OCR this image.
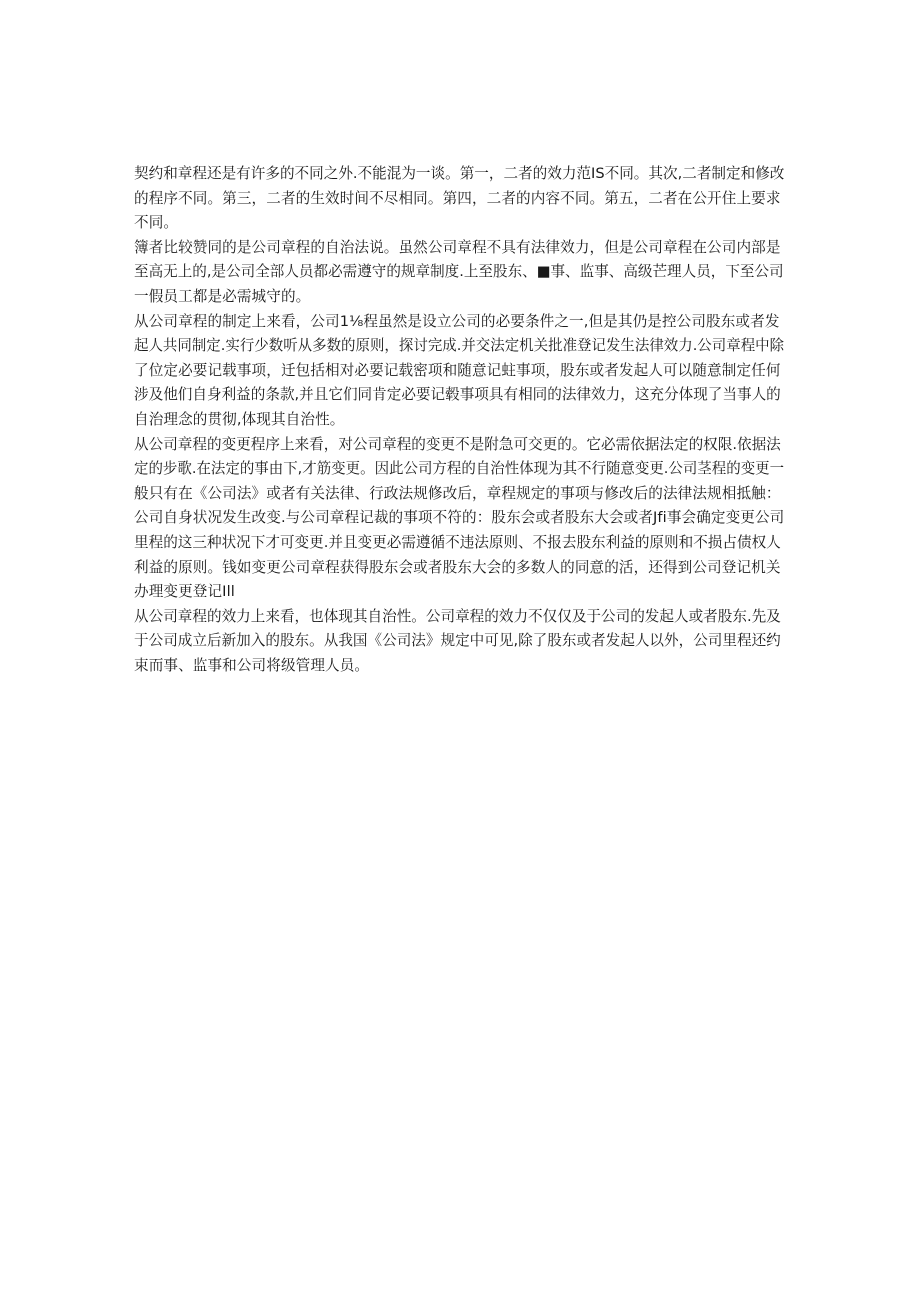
契约和章程还是有许多的不同之外.不能混为一谈。第一，二者的效力范IS不同。其次,二者制定和修改
的程序不同。第三，二者的生效时间不尽相同。第四，二者的内容不同。第五，二者在公开住上要求
不同。
簿者比较赞同的是公司章程的自治法说。虽然公司章程不具有法律效力，但是公司章程在公司内部是
至高无上的,是公司全部人员都必需遵守的规章制度.上至股东、■事、监事、高级芒理人员，下至公司
一假员工都是必需城守的。
从公司章程的制定上来看，公司1⅛程虽然是设立公司的必要条件之一,但是其仍是控公司股东或者发
起人共同制定.实行少数听从多数的原则，探讨完成.并交法定机关批准登记发生法律效力.公司章程中除
了位定必要记载事项，迁包括相对必要记载密项和随意记蛀事项，股东或者发起人可以随意制定任何
涉及他们自身利益的条款,并且它们同肯定必要记毂事项具有相同的法律效力，这充分体现了当事人的
自治理念的贯彻,体现其自治性。
从公司章程的变更程序上来看，对公司章程的变更不是附急可交更的。它必需依据法定的权限.依据法
定的步歌.在法定的事由下,才筋变更。因此公司方程的自治性体现为其不行随意变更.公司茎程的变更一
般只有在《公司法》或者有关法律、行政法规修改后，章程规定的事项与修改后的法律法规相抵触：
公司自身状况发生改变.与公司章程记裁的事项不符的：股东会或者股东大会或者Jfi事会确定变更公司
里程的这三种状况下才可变更.并且变更必需遵循不违法原则、不报去股东利益的原则和不损占债权人
利益的原则。钱如变更公司章程获得股东会或者股东大会的多数人的同意的活，还得到公司登记机关
办理变更登记Ill
从公司章程的效力上来看，也体现其自治性。公司章程的效力不仅仅及于公司的发起人或者股东.先及
于公司成立后新加入的股东。从我国《公司法》规定中可见,除了股东或者发起人以外，公司里程还约
束而事、监事和公司将级管理人员。
